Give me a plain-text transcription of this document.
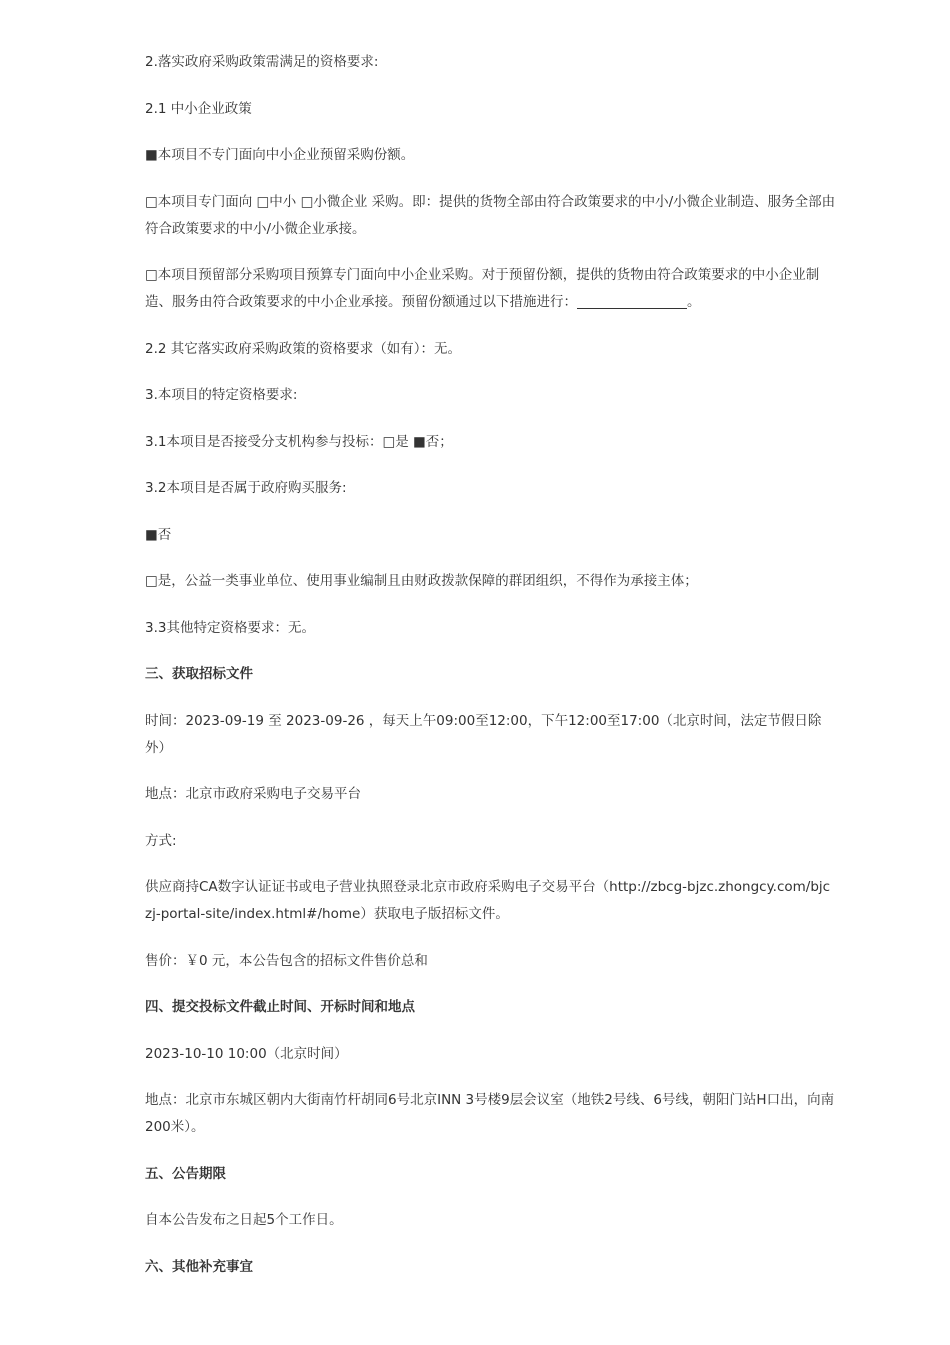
2.落实政府采购政策需满足的资格要求:

2.1 中小企业政策

■本项目不专门面向中小企业预留采购份额。

□本项目专门面向 □中小 □小微企业 采购。即：提供的货物全部由符合政策要求的中小/小微企业制造、服务全部由符合政策要求的中小/小微企业承接。

□本项目预留部分采购项目预算专门面向中小企业采购。对于预留份额，提供的货物由符合政策要求的中小企业制造、服务由符合政策要求的中小企业承接。预留份额通过以下措施进行：	。

2.2 其它落实政府采购政策的资格要求（如有）：无。

3.本项目的特定资格要求:

3.1本项目是否接受分支机构参与投标：□是 ■否；

3.2本项目是否属于政府购买服务:

■否

□是，公益一类事业单位、使用事业编制且由财政拨款保障的群团组织，不得作为承接主体；

3.3其他特定资格要求：无。

三、获取招标文件

时间：2023-09-19 至 2023-09-26 ，每天上午09:00至12:00，下午12:00至17:00（北京时间，法定节假日除外）

地点：北京市政府采购电子交易平台

方式:

供应商持CA数字认证证书或电子营业执照登录北京市政府采购电子交易平台（http://zbcg-bjzc.zhongcy.com/bjczj-portal-site/index.html#/home）获取电子版招标文件。

售价：￥0 元，本公告包含的招标文件售价总和

四、提交投标文件截止时间、开标时间和地点

2023-10-10 10:00（北京时间）

地点：北京市东城区朝内大街南竹杆胡同6号北京INN 3号楼9层会议室（地铁2号线、6号线，朝阳门站H口出，向南200米）。

五、公告期限

自本公告发布之日起5个工作日。

六、其他补充事宜
